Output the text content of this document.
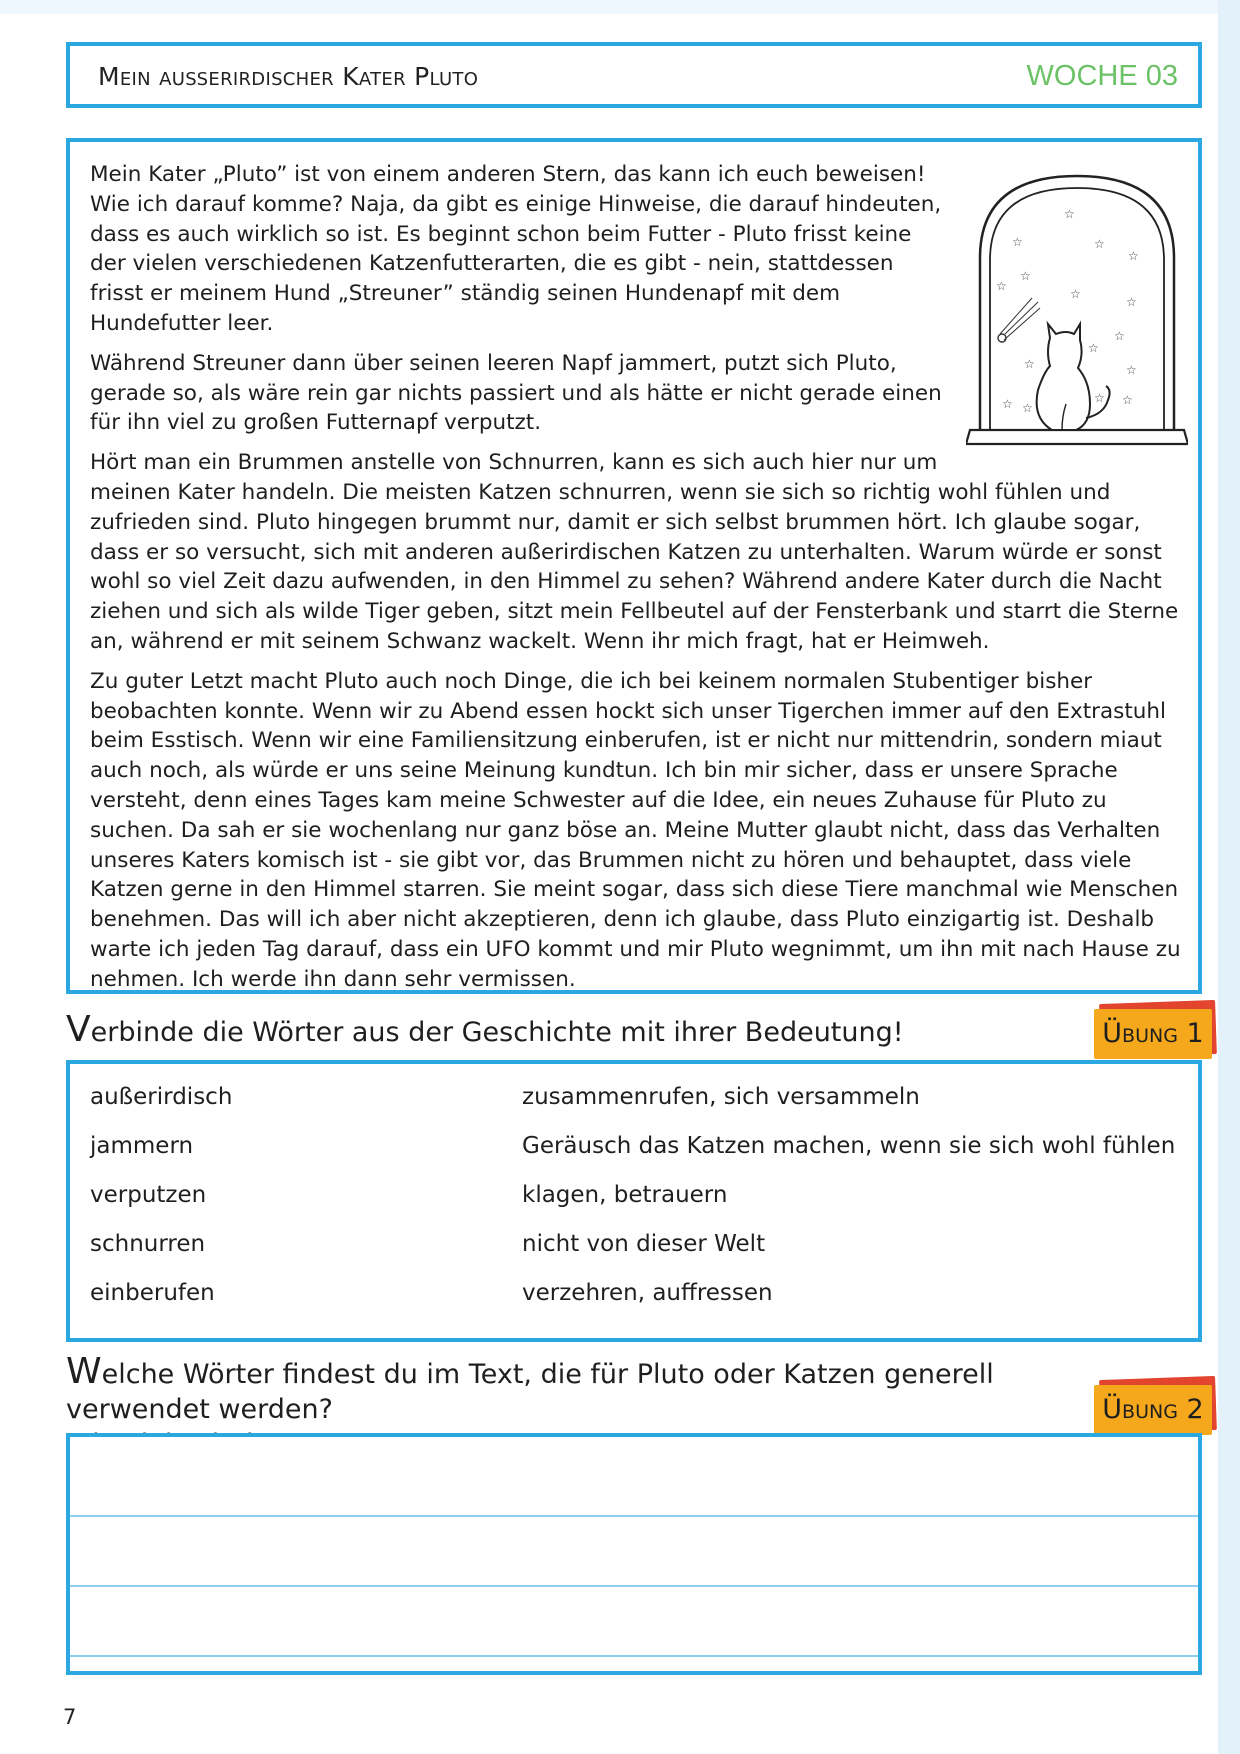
Mein außerirdischer Kater Pluto	WOCHE 03

Mein Kater „Pluto” ist von einem anderen Stern, das kann ich euch beweisen! Wie ich darauf komme? Naja, da gibt es einige Hinweise, die darauf hindeuten, dass es auch wirklich so ist. Es beginnt schon beim Futter - Pluto frisst keine der vielen verschiedenen Katzenfutterarten, die es gibt - nein, stattdessen frisst er meinem Hund „Streuner” ständig seinen Hundenapf mit dem Hundefutter leer.

Während Streuner dann über seinen leeren Napf jammert, putzt sich Pluto, gerade so, als wäre rein gar nichts passiert und als hätte er nicht gerade einen für ihn viel zu großen Futternapf verputzt.

Hört man ein Brummen anstelle von Schnurren, kann es sich auch hier nur um meinen Kater handeln. Die meisten Katzen schnurren, wenn sie sich so richtig wohl fühlen und zufrieden sind. Pluto hingegen brummt nur, damit er sich selbst brummen hört. Ich glaube sogar, dass er so versucht, sich mit anderen außerirdischen Katzen zu unterhalten. Warum würde er sonst wohl so viel Zeit dazu aufwenden, in den Himmel zu sehen? Während andere Kater durch die Nacht ziehen und sich als wilde Tiger geben, sitzt mein Fellbeutel auf der Fensterbank und starrt die Sterne an, während er mit seinem Schwanz wackelt. Wenn ihr mich fragt, hat er Heimweh.

Zu guter Letzt macht Pluto auch noch Dinge, die ich bei keinem normalen Stubentiger bisher beobachten konnte. Wenn wir zu Abend essen hockt sich unser Tigerchen immer auf den Extrastuhl beim Esstisch. Wenn wir eine Familiensitzung einberufen, ist er nicht nur mittendrin, sondern miaut auch noch, als würde er uns seine Meinung kundtun. Ich bin mir sicher, dass er unsere Sprache versteht, denn eines Tages kam meine Schwester auf die Idee, ein neues Zuhause für Pluto zu suchen. Da sah er sie wochenlang nur ganz böse an. Meine Mutter glaubt nicht, dass das Verhalten unseres Katers komisch ist - sie gibt vor, das Brummen nicht zu hören und behauptet, dass viele Katzen gerne in den Himmel starren. Sie meint sogar, dass sich diese Tiere manchmal wie Menschen benehmen. Das will ich aber nicht akzeptieren, denn ich glaube, dass Pluto einzigartig ist. Deshalb warte ich jeden Tag darauf, dass ein UFO kommt und mir Pluto wegnimmt, um ihn mit nach Hause zu nehmen. Ich werde ihn dann sehr vermissen.

☆
☆	☆
☆
☆
☆
☆
☆
☆
☆
☆	☆
☆ ☆
☆ ☆
Verbinde die Wörter aus der Geschichte mit ihrer Bedeutung!	Übung 1
außerirdisch	zusammenrufen, sich versammeln
jammern	Geräusch das Katzen machen, wenn sie sich wohl fühlen
verputzen	klagen, betrauern
schnurren	nicht von dieser Welt
einberufen	verzehren, auffressen
Welche Wörter findest du im Text, die für Pluto oder Katzen generell verwendet werden?	Übung 2
7
